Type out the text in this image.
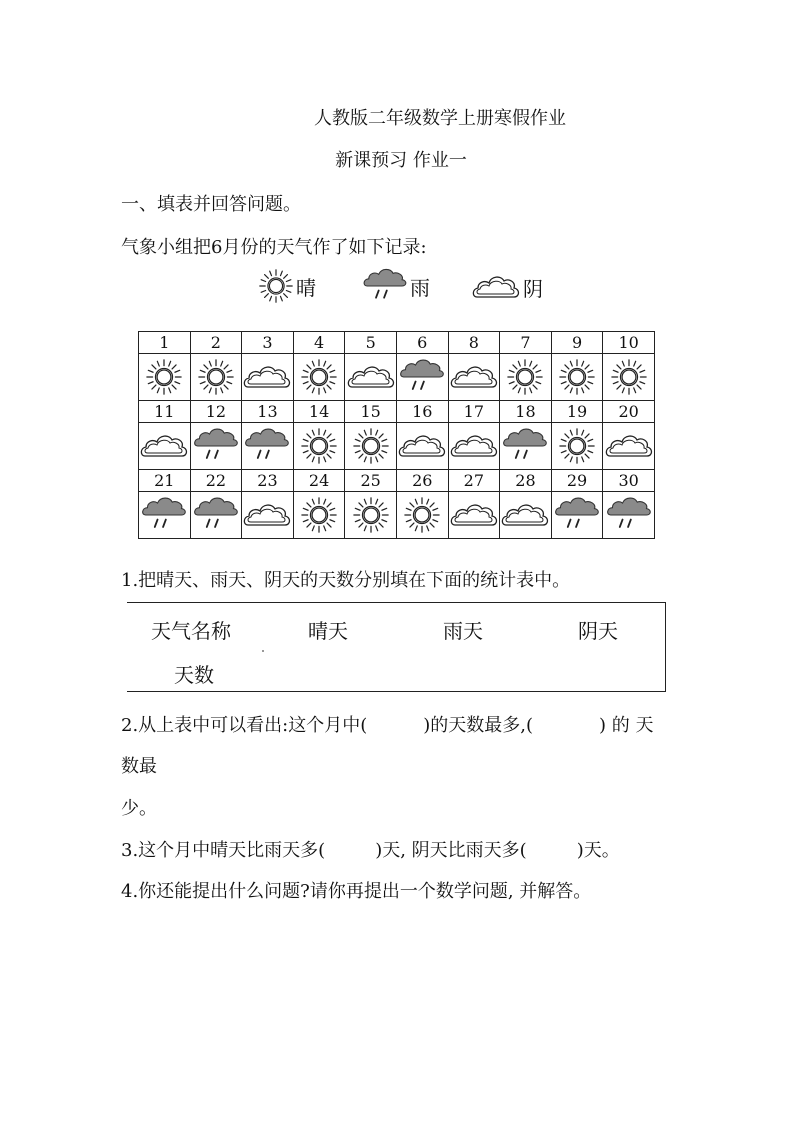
人教版二年级数学上册寒假作业
新课预习 作业一
一、填表并回答问题。
气象小组把6月份的天气作了如下记录:
晴	雨	阴
1	2	3	4	5	6	8	7	9	10

11	12	13	14	15	16	17	18	19	20

21	22	23	24	25	26	27	28	29	30

1.把晴天、雨天、阴天的天数分别填在下面的统计表中。
天气名称	晴天	雨天	阴天
天数
2.从上表中可以看出:这个月中(	)的天数最多,(	) 的 天
数最
少。
3.这个月中晴天比雨天多(	)天, 阴天比雨天多(	)天。
4.你还能提出什么问题?请你再提出一个数学问题, 并解答。
